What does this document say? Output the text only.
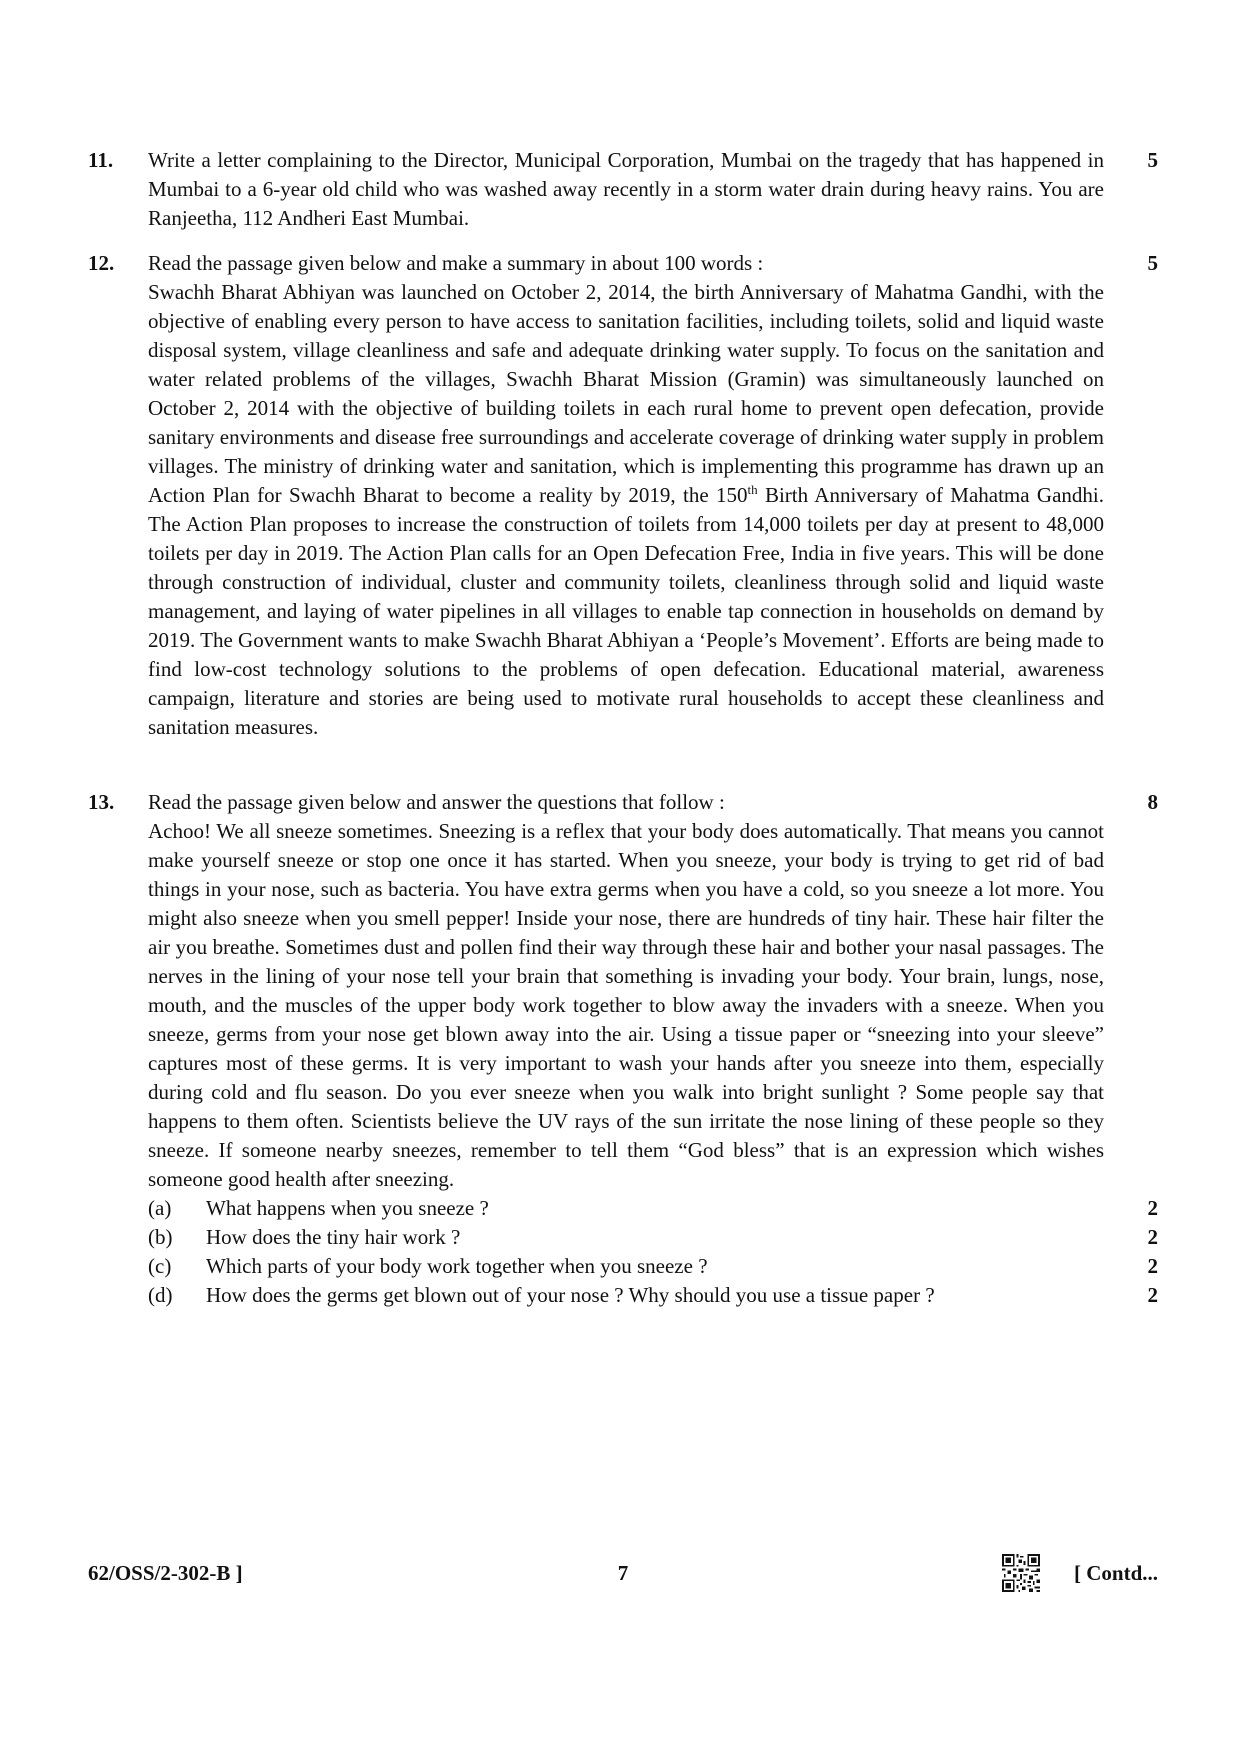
11.	5

Write a letter complaining to the Director, Municipal Corporation, Mumbai on the tragedy that has happened in Mumbai to a 6-year old child who was washed away recently in a storm water drain during heavy rains. You are Ranjeetha, 112 Andheri East Mumbai.

12.	5

Read the passage given below and make a summary in about 100 words :

Swachh Bharat Abhiyan was launched on October 2, 2014, the birth Anniversary of Mahatma Gandhi, with the objective of enabling every person to have access to sanitation facilities, including toilets, solid and liquid waste disposal system, village cleanliness and safe and adequate drinking water supply. To focus on the sanitation and water related problems of the villages, Swachh Bharat Mission (Gramin) was simultaneously launched on October 2, 2014 with the objective of building toilets in each rural home to prevent open defecation, provide sanitary environments and disease free surroundings and accelerate coverage of drinking water supply in problem villages. The ministry of drinking water and sanitation, which is implementing this programme has drawn up an Action Plan for Swachh Bharat to become a reality by 2019, the 150th Birth Anniversary of Mahatma Gandhi. The Action Plan proposes to increase the construction of toilets from 14,000 toilets per day at present to 48,000 toilets per day in 2019. The Action Plan calls for an Open Defecation Free, India in five years. This will be done through construction of individual, cluster and community toilets, cleanliness through solid and liquid waste management, and laying of water pipelines in all villages to enable tap connection in households on demand by 2019. The Government wants to make Swachh Bharat Abhiyan a ‘People’s Movement’. Efforts are being made to find low-cost technology solutions to the problems of open defecation. Educational material, awareness campaign, literature and stories are being used to motivate rural households to accept these cleanliness and sanitation measures.

13.	8

Read the passage given below and answer the questions that follow :

Achoo! We all sneeze sometimes. Sneezing is a reflex that your body does automatically. That means you cannot make yourself sneeze or stop one once it has started. When you sneeze, your body is trying to get rid of bad things in your nose, such as bacteria. You have extra germs when you have a cold, so you sneeze a lot more. You might also sneeze when you smell pepper! Inside your nose, there are hundreds of tiny hair. These hair filter the air you breathe. Sometimes dust and pollen find their way through these hair and bother your nasal passages. The nerves in the lining of your nose tell your brain that something is invading your body. Your brain, lungs, nose, mouth, and the muscles of the upper body work together to blow away the invaders with a sneeze. When you sneeze, germs from your nose get blown away into the air. Using a tissue paper or “sneezing into your sleeve” captures most of these germs. It is very important to wash your hands after you sneeze into them, especially during cold and flu season. Do you ever sneeze when you walk into bright sunlight ? Some people say that happens to them often. Scientists believe the UV rays of the sun irritate the nose lining of these people so they sneeze. If someone nearby sneezes, remember to tell them “God bless” that is an expression which wishes someone good health after sneezing.

(a) What happens when you sneeze ?	2
(b) How does the tiny hair work ?	2
(c) Which parts of your body work together when you sneeze ?	2
(d) How does the germs get blown out of your nose ? Why should you use a tissue paper ?	2
62/OSS/2-302-B ]	7	[ Contd...
